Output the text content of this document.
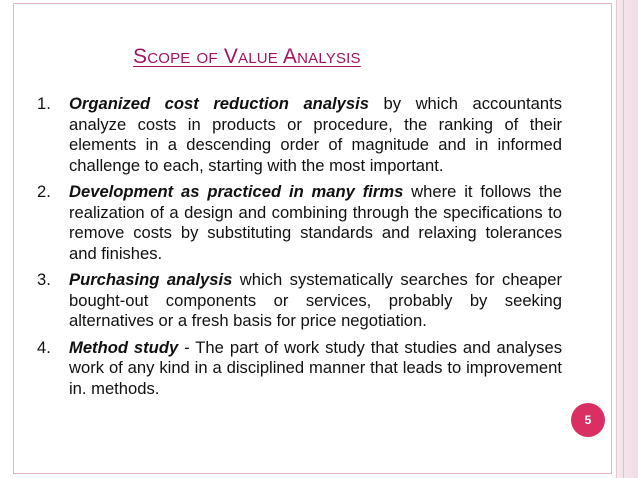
Scope of Value Analysis
1. Organized cost reduction analysis by which accountants analyze costs in products or procedure, the ranking of their elements in a descending order of magnitude and in informed challenge to each, starting with the most important.
2. Development as practiced in many firms where it follows the realization of a design and combining through the specifications to remove costs by substituting standards and relaxing tolerances and finishes.
3. Purchasing analysis which systematically searches for cheaper bought-out components or services, probably by seeking alternatives or a fresh basis for price negotiation.
4. Method study - The part of work study that studies and analyses work of any kind in a disciplined manner that leads to improvement in. methods.
5
